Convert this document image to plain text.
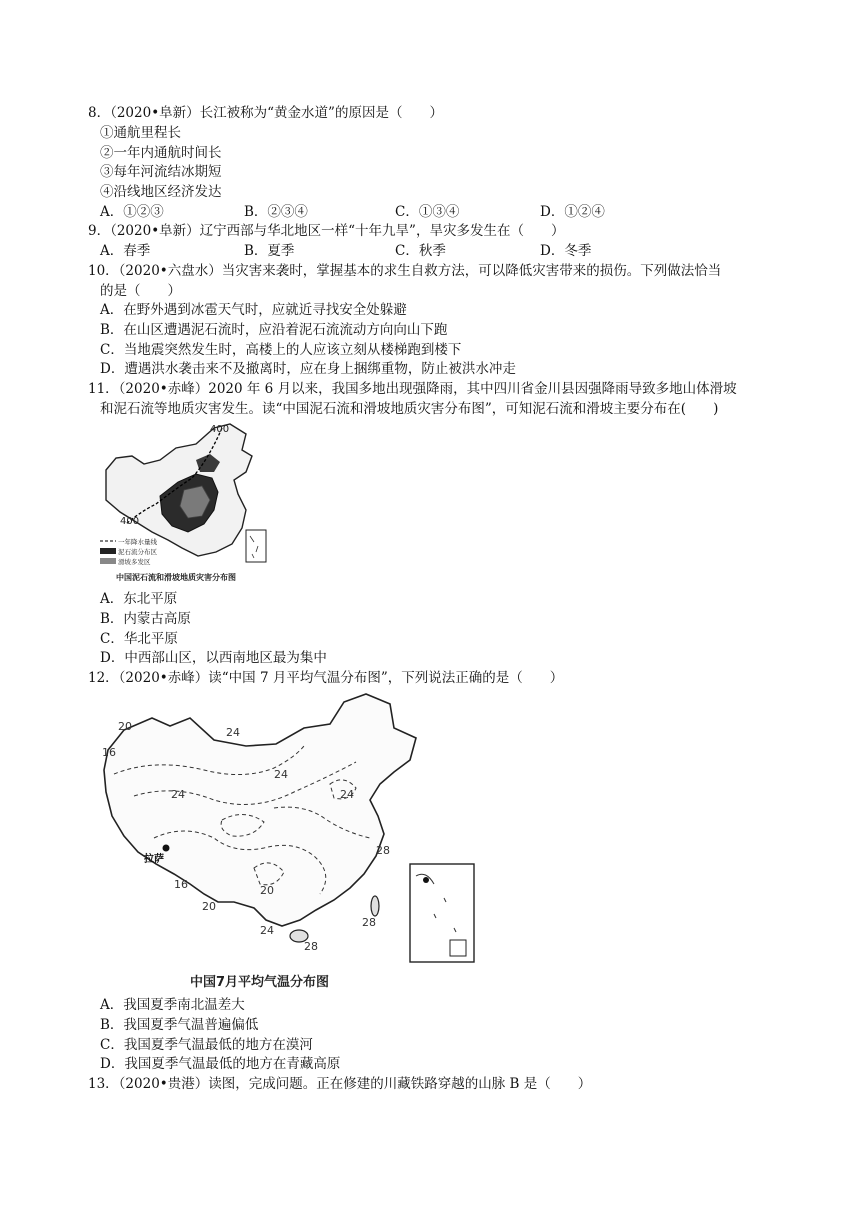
8．（2020•阜新）长江被称为“黄金水道”的原因是（　　）
①通航里程长
②一年内通航时间长
③每年河流结冰期短
④沿线地区经济发达
A．①②③	B．②③④	C．①③④	D．①②④
9．（2020•阜新）辽宁西部与华北地区一样“十年九旱”，旱灾多发生在（　　）
A．春季	B．夏季	C．秋季	D．冬季
10．（2020•六盘水）当灾害来袭时，掌握基本的求生自救方法，可以降低灾害带来的损伤。下列做法恰当
的是（　　）
A．在野外遇到冰雹天气时，应就近寻找安全处躲避
B．在山区遭遇泥石流时，应沿着泥石流流动方向向山下跑
C．当地震突然发生时，高楼上的人应该立刻从楼梯跑到楼下
D．遭遇洪水袭击来不及撤离时，应在身上捆绑重物，防止被洪水冲走
11．（2020•赤峰）2020 年 6 月以来，我国多地出现强降雨，其中四川省金川县因强降雨导致多地山体滑坡
和泥石流等地质灾害发生。读“中国泥石流和滑坡地质灾害分布图”，可知泥石流和滑坡主要分布在(　　)
400
400
一年降水量线
泥石流分布区
滑坡多发区
中国泥石流和滑坡地质灾害分布图
A．东北平原
B．内蒙古高原
C．华北平原
D．中西部山区，以西南地区最为集中
12．（2020•赤峰）读“中国 7 月平均气温分布图”，下列说法正确的是（　　）
20	24
16
24
24
24
28
拉萨
16	20
20
24
28
28
中国7月平均气温分布图
A．我国夏季南北温差大
B．我国夏季气温普遍偏低
C．我国夏季气温最低的地方在漠河
D．我国夏季气温最低的地方在青藏高原
13．（2020•贵港）读图，完成问题。正在修建的川藏铁路穿越的山脉 B 是（　　）
